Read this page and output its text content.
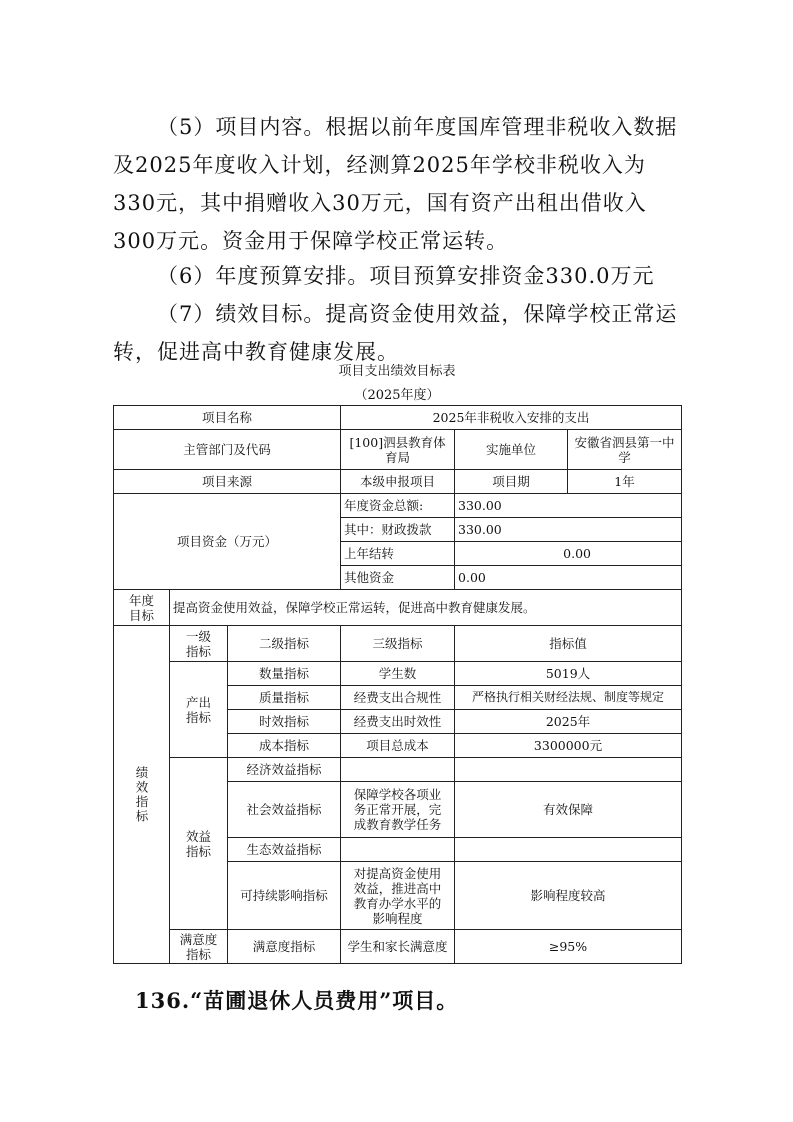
（5）项目内容。根据以前年度国库管理非税收入数据及2025年度收入计划，经测算2025年学校非税收入为330元，其中捐赠收入30万元，国有资产出租出借收入300万元。资金用于保障学校正常运转。

（6）年度预算安排。项目预算安排资金330.0万元

（7）绩效目标。提高资金使用效益，保障学校正常运转，促进高中教育健康发展。

项目支出绩效目标表
（2025年度）
项目名称			2025年非税收入安排的支出		
主管部门及代码			[100]泗县教育体育局	实施单位	安徽省泗县第一中学
项目来源			本级申报项目	项目期	1年
项目资金（万元）			年度资金总额:	330.00	
			其中：财政拨款	330.00	
			上年结转	0.00	
			其他资金	0.00	
年度目标	提高资金使用效益，保障学校正常运转，促进高中教育健康发展。				

绩效指标	一级指标	二级指标	三级指标	指标值	
	产出指标	数量指标	学生数	5019人	
		质量指标	经费支出合规性	严格执行相关财经法规、制度等规定	
		时效指标	经费支出时效性	2025年	
		成本指标	项目总成本	3300000元	
	效益指标	经济效益指标			
		社会效益指标	保障学校各项业务正常开展，完成教育教学任务	有效保障	
		生态效益指标			
		可持续影响指标	对提高资金使用效益，推进高中教育办学水平的影响程度	影响程度较高	
	满意度指标	满意度指标	学生和家长满意度	≥95%	
136.“苗圃退休人员费用”项目。
